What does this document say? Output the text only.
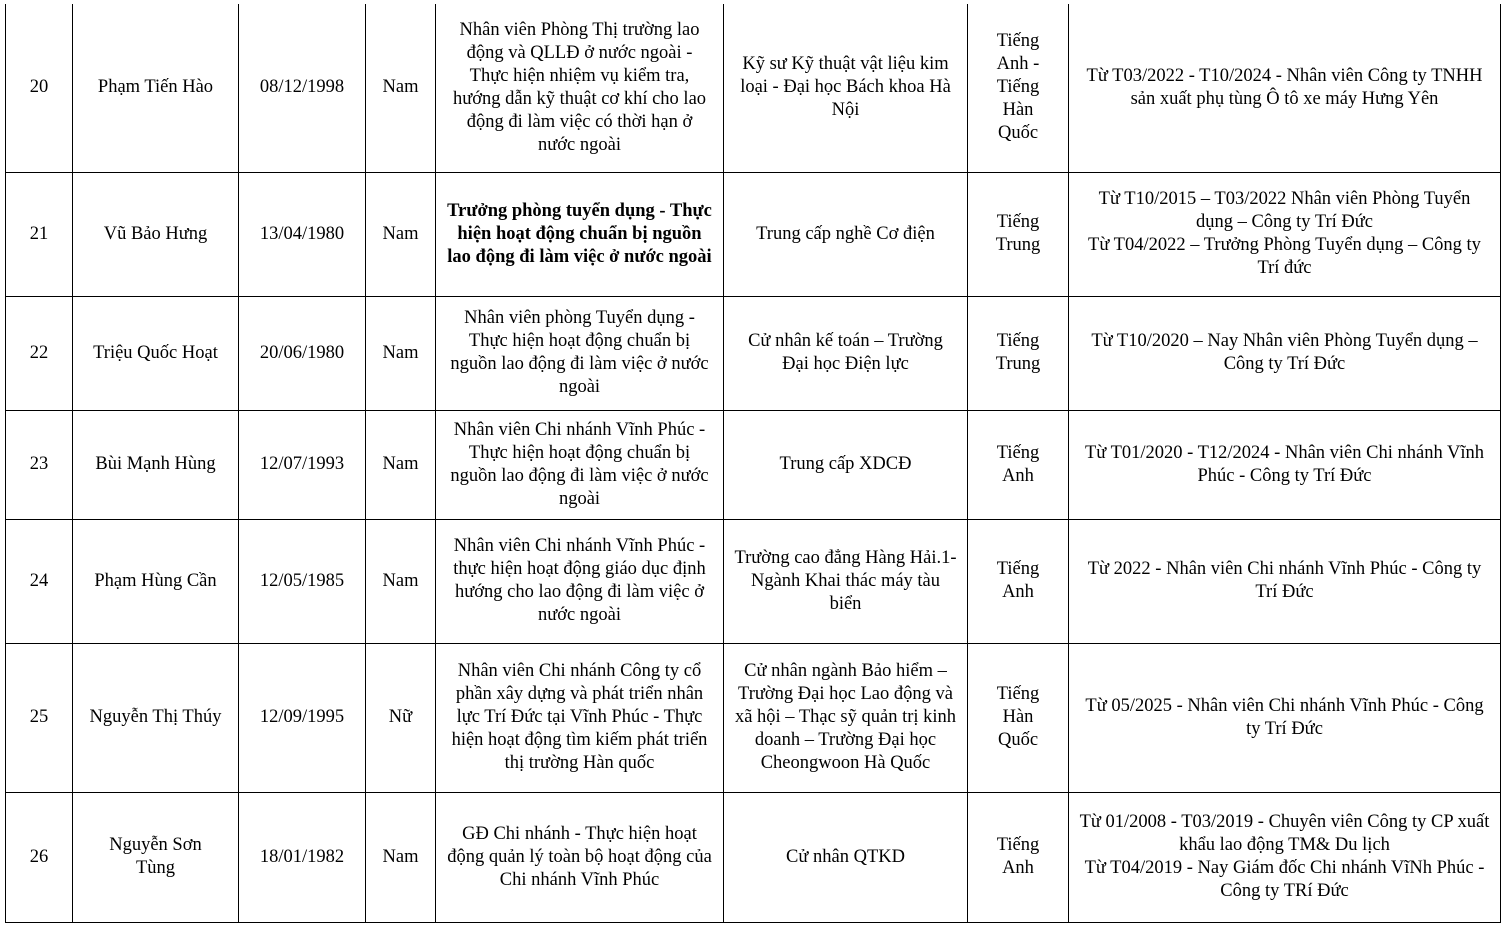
20	Phạm Tiến Hào	08/12/1998	Nam	Nhân viên Phòng Thị trường lao động và QLLĐ ở nước ngoài - Thực hiện nhiệm vụ kiểm tra, hướng dẫn kỹ thuật cơ khí cho lao động đi làm việc có thời hạn ở nước ngoài	Kỹ sư Kỹ thuật vật liệu kim loại - Đại học Bách khoa Hà Nội	Tiếng Anh - Tiếng Hàn Quốc	Từ T03/2022 - T10/2024 - Nhân viên Công ty TNHH sản xuất phụ tùng Ô tô xe máy Hưng Yên

21	Vũ Bảo Hưng	13/04/1980	Nam	Trưởng phòng tuyển dụng - Thực hiện hoạt động chuẩn bị nguồn lao động đi làm việc ở nước ngoài	Trung cấp nghề Cơ điện	Tiếng Trung	Từ T10/2015 – T03/2022 Nhân viên Phòng Tuyển dụng – Công ty Trí Đức
Từ T04/2022 – Trưởng Phòng Tuyển dụng – Công ty Trí đức

22	Triệu Quốc Hoạt	20/06/1980	Nam	Nhân viên phòng Tuyển dụng - Thực hiện hoạt động chuẩn bị nguồn lao động đi làm việc ở nước ngoài	Cử nhân kế toán – Trường Đại học Điện lực	Tiếng Trung	Từ T10/2020 – Nay Nhân viên Phòng Tuyển dụng – Công ty Trí Đức

23	Bùi Mạnh Hùng	12/07/1993	Nam	Nhân viên Chi nhánh Vĩnh Phúc - Thực hiện hoạt động chuẩn bị nguồn lao động đi làm việc ở nước ngoài	Trung cấp XDCĐ	Tiếng Anh	Từ T01/2020 - T12/2024 - Nhân viên Chi nhánh Vĩnh Phúc - Công ty Trí Đức

24	Phạm Hùng Cần	12/05/1985	Nam	Nhân viên Chi nhánh Vĩnh Phúc - thực hiện hoạt động giáo dục định hướng cho lao động đi làm việc ở nước ngoài	Trường cao đẳng Hàng Hải.1- Ngành Khai thác máy tàu biển	Tiếng Anh	Từ 2022 - Nhân viên Chi nhánh Vĩnh Phúc - Công ty Trí Đức

25	Nguyễn Thị Thúy	12/09/1995	Nữ	Nhân viên Chi nhánh Công ty cổ phần xây dựng và phát triển nhân lực Trí Đức tại Vĩnh Phúc - Thực hiện hoạt động tìm kiếm phát triển thị trường Hàn quốc	Cử nhân ngành Bảo hiểm – Trường Đại học Lao động và xã hội – Thạc sỹ quản trị kinh doanh – Trường Đại học Cheongwoon Hà Quốc	Tiếng Hàn Quốc	Từ 05/2025 - Nhân viên Chi nhánh Vĩnh Phúc - Công ty Trí Đức

26	Nguyễn Sơn Tùng	18/01/1982	Nam	GĐ Chi nhánh - Thực hiện hoạt động quản lý toàn bộ hoạt động của Chi nhánh Vĩnh Phúc	Cử nhân QTKD	Tiếng Anh	Từ 01/2008 - T03/2019 - Chuyên viên Công ty CP xuất khẩu lao động TM& Du lịch
Từ T04/2019 - Nay Giám đốc Chi nhánh VĩNh Phúc - Công ty TRí Đức
